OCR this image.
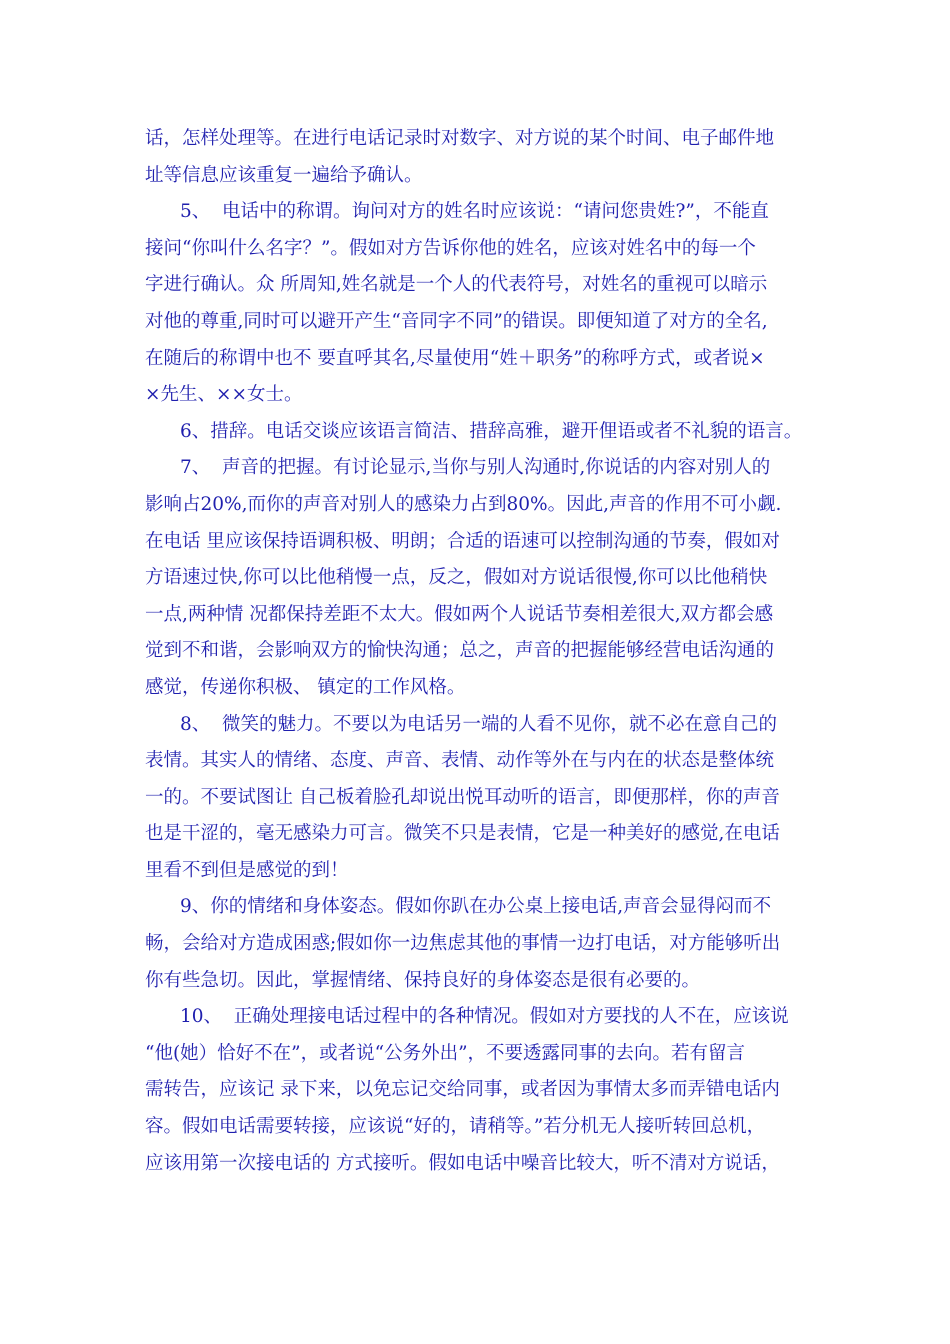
话，怎样处理等。在进行电话记录时对数字、对方说的某个时间、电子邮件地
址等信息应该重复一遍给予确认。
5、  电话中的称谓。询问对方的姓名时应该说：“请问您贵姓?”，不能直
接问“你叫什么名字？”。假如对方告诉你他的姓名，应该对姓名中的每一个
字进行确认。众 所周知,姓名就是一个人的代表符号，对姓名的重视可以暗示
对他的尊重,同时可以避开产生“音同字不同”的错误。即便知道了对方的全名,
在随后的称谓中也不 要直呼其名,尽量使用“姓＋职务”的称呼方式，或者说×
×先生、××女士。
6、措辞。电话交谈应该语言简洁、措辞高雅，避开俚语或者不礼貌的语言。
7、  声音的把握。有讨论显示,当你与别人沟通时,你说话的内容对别人的
影响占20%,而你的声音对别人的感染力占到80%。因此,声音的作用不可小觑.
在电话 里应该保持语调积极、明朗；合适的语速可以控制沟通的节奏，假如对
方语速过快,你可以比他稍慢一点，反之，假如对方说话很慢,你可以比他稍快
一点,两种情 况都保持差距不太大。假如两个人说话节奏相差很大,双方都会感
觉到不和谐，会影响双方的愉快沟通；总之，声音的把握能够经营电话沟通的
感觉，传递你积极、 镇定的工作风格。
8、  微笑的魅力。不要以为电话另一端的人看不见你，就不必在意自己的
表情。其实人的情绪、态度、声音、表情、动作等外在与内在的状态是整体统
一的。不要试图让 自己板着脸孔却说出悦耳动听的语言，即便那样，你的声音
也是干涩的，毫无感染力可言。微笑不只是表情，它是一种美好的感觉,在电话
里看不到但是感觉的到！
9、你的情绪和身体姿态。假如你趴在办公桌上接电话,声音会显得闷而不
畅，会给对方造成困惑;假如你一边焦虑其他的事情一边打电话，对方能够听出
你有些急切。因此，掌握情绪、保持良好的身体姿态是很有必要的。
10、  正确处理接电话过程中的各种情况。假如对方要找的人不在，应该说
“他(她）恰好不在”，或者说“公务外出”，不要透露同事的去向。若有留言
需转告，应该记 录下来，以免忘记交给同事，或者因为事情太多而弄错电话内
容。假如电话需要转接，应该说“好的，请稍等。”若分机无人接听转回总机，
应该用第一次接电话的 方式接听。假如电话中噪音比较大，听不清对方说话，
